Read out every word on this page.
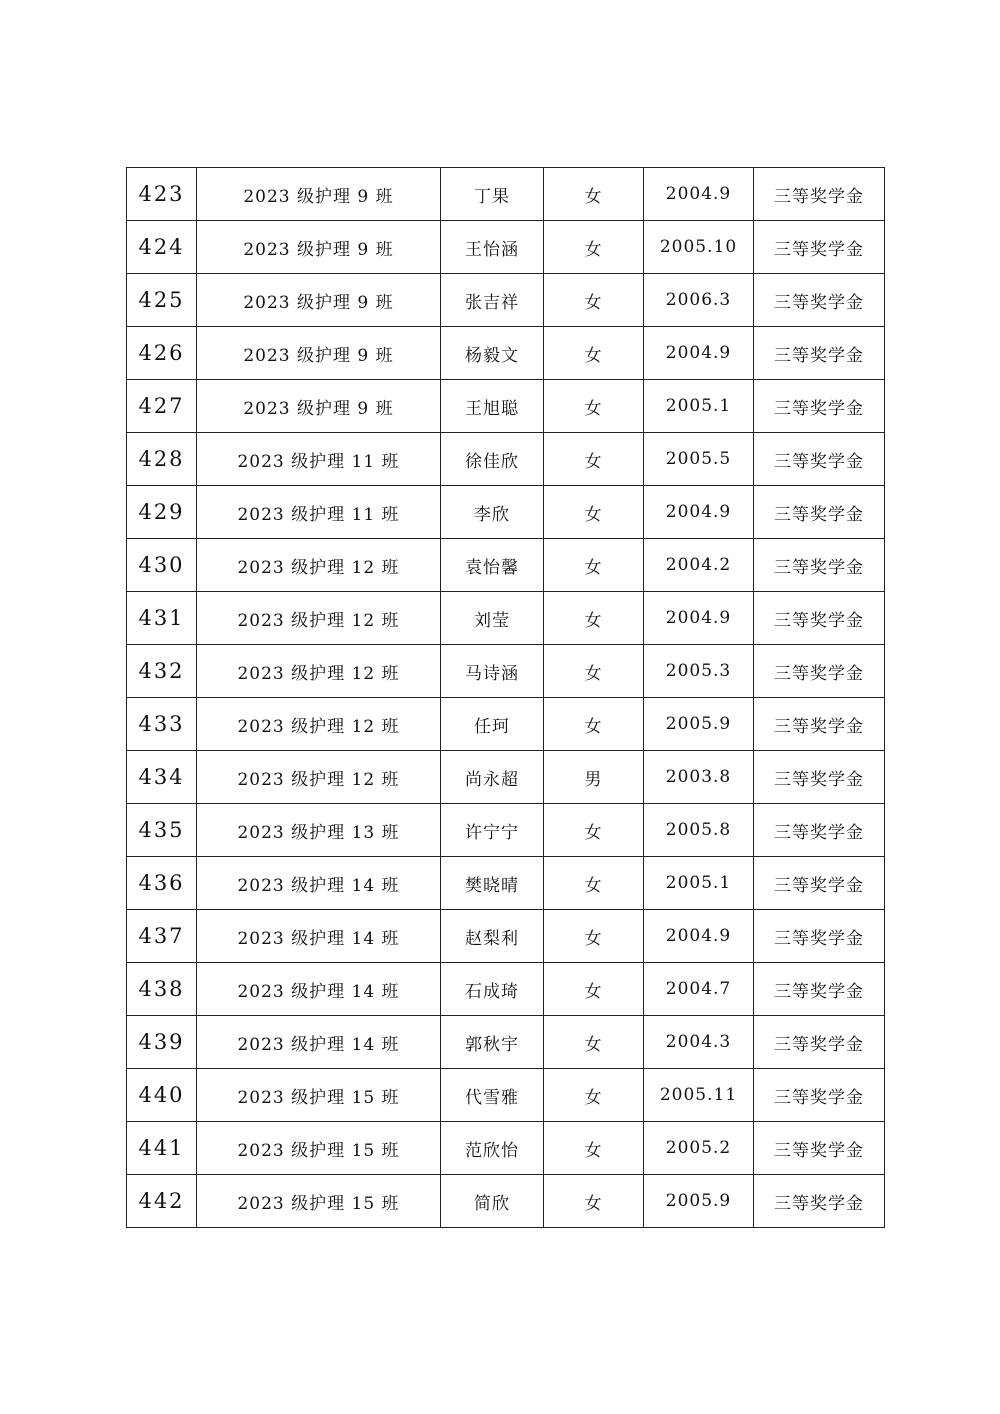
423	2023 级护理 9 班	丁果	女	2004.9	三等奖学金
424	2023 级护理 9 班	王怡涵	女	2005.10	三等奖学金
425	2023 级护理 9 班	张吉祥	女	2006.3	三等奖学金
426	2023 级护理 9 班	杨毅文	女	2004.9	三等奖学金
427	2023 级护理 9 班	王旭聪	女	2005.1	三等奖学金
428	2023 级护理 11 班	徐佳欣	女	2005.5	三等奖学金
429	2023 级护理 11 班	李欣	女	2004.9	三等奖学金
430	2023 级护理 12 班	袁怡馨	女	2004.2	三等奖学金
431	2023 级护理 12 班	刘莹	女	2004.9	三等奖学金
432	2023 级护理 12 班	马诗涵	女	2005.3	三等奖学金
433	2023 级护理 12 班	任珂	女	2005.9	三等奖学金
434	2023 级护理 12 班	尚永超	男	2003.8	三等奖学金
435	2023 级护理 13 班	许宁宁	女	2005.8	三等奖学金
436	2023 级护理 14 班	樊晓晴	女	2005.1	三等奖学金
437	2023 级护理 14 班	赵梨利	女	2004.9	三等奖学金
438	2023 级护理 14 班	石成琦	女	2004.7	三等奖学金
439	2023 级护理 14 班	郭秋宇	女	2004.3	三等奖学金
440	2023 级护理 15 班	代雪雅	女	2005.11	三等奖学金
441	2023 级护理 15 班	范欣怡	女	2005.2	三等奖学金
442	2023 级护理 15 班	简欣	女	2005.9	三等奖学金
